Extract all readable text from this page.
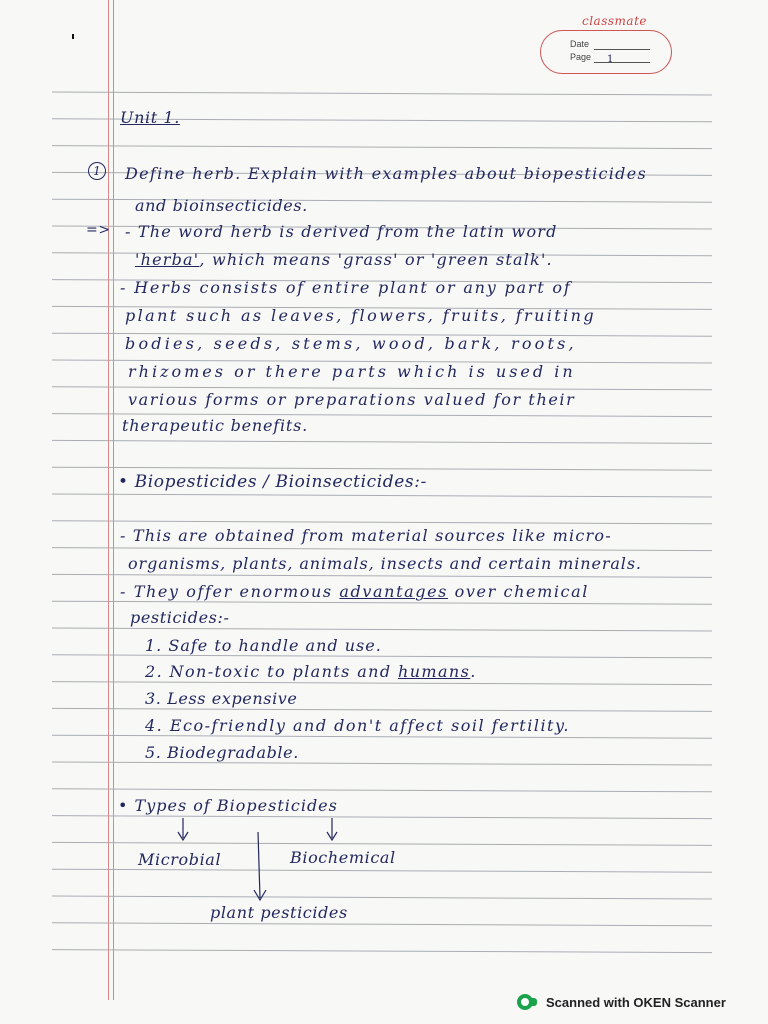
classmate
Date
Page 1
Unit 1.
1	Define herb. Explain with examples about biopesticides
and bioinsecticides.
=> - The word herb is derived from the latin word
'herba', which means 'grass' or 'green stalk'.
- Herbs consists of entire plant or any part of
plant such as leaves, flowers, fruits, fruiting
bodies, seeds, stems, wood, bark, roots,
rhizomes or there parts which is used in
various forms or preparations valued for their
therapeutic benefits.
• Biopesticides / Bioinsecticides:-
- This are obtained from material sources like micro-
organisms, plants, animals, insects and certain minerals.
- They offer enormous advantages over chemical
pesticides:-
1. Safe to handle and use.
2. Non-toxic to plants and humans.
3. Less expensive
4. Eco-friendly and don't affect soil fertility.
5. Biodegradable.
• Types of Biopesticides
Microbial	Biochemical
plant pesticides
Scanned with OKEN Scanner
